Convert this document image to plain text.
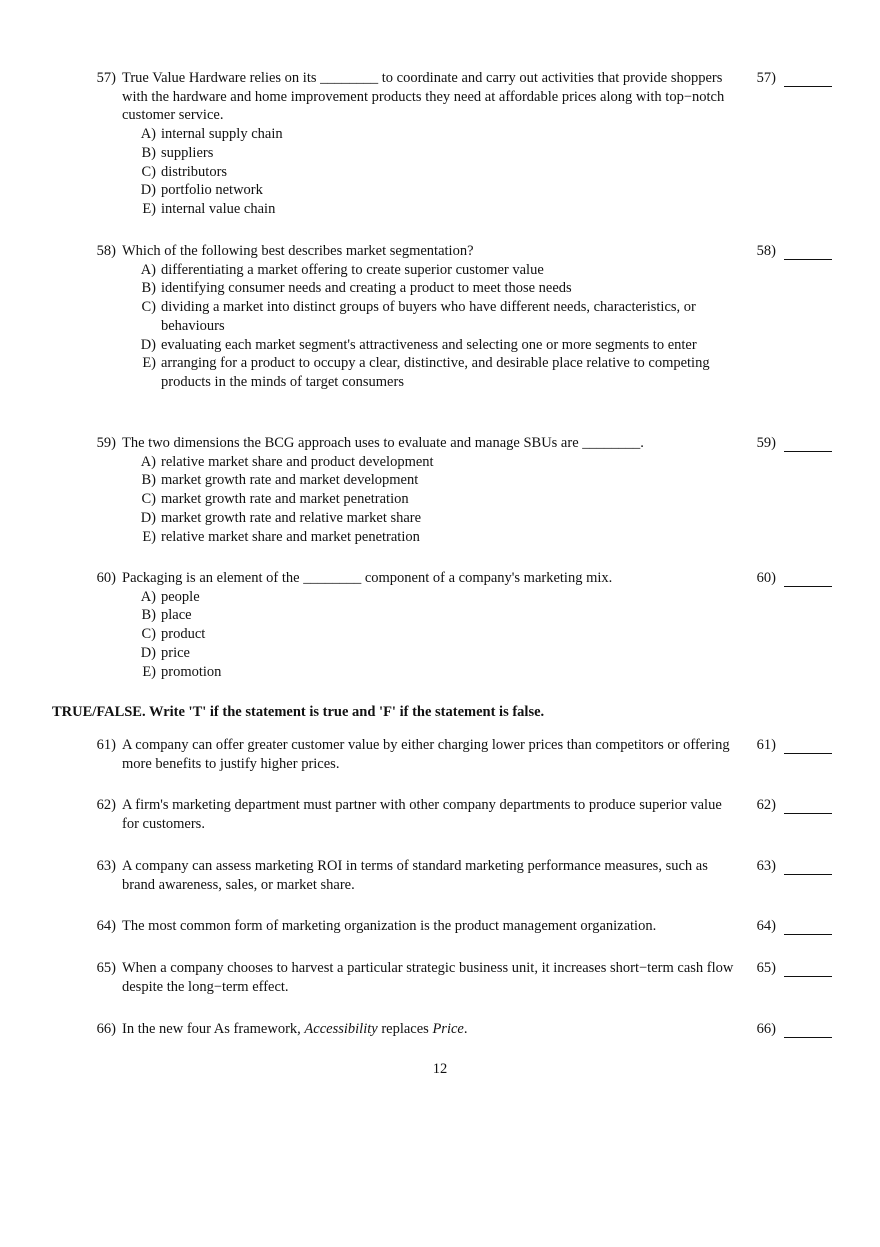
57) True Value Hardware relies on its ________ to coordinate and carry out activities that provide shoppers with the hardware and home improvement products they need at affordable prices along with top−notch customer service.
A) internal supply chain
B) suppliers
C) distributors
D) portfolio network
E) internal value chain
57)
58) Which of the following best describes market segmentation?
A) differentiating a market offering to create superior customer value
B) identifying consumer needs and creating a product to meet those needs
C) dividing a market into distinct groups of buyers who have different needs, characteristics, or behaviours
D) evaluating each market segment's attractiveness and selecting one or more segments to enter
E) arranging for a product to occupy a clear, distinctive, and desirable place relative to competing products in the minds of target consumers
58)
59) The two dimensions the BCG approach uses to evaluate and manage SBUs are ________.
A) relative market share and product development
B) market growth rate and market development
C) market growth rate and market penetration
D) market growth rate and relative market share
E) relative market share and market penetration
59)
60) Packaging is an element of the ________ component of a company's marketing mix.
A) people
B) place
C) product
D) price
E) promotion
60)
TRUE/FALSE. Write 'T' if the statement is true and 'F' if the statement is false.
61) A company can offer greater customer value by either charging lower prices than competitors or offering more benefits to justify higher prices.
61)
62) A firm's marketing department must partner with other company departments to produce superior value for customers.
62)
63) A company can assess marketing ROI in terms of standard marketing performance measures, such as brand awareness, sales, or market share.
63)
64) The most common form of marketing organization is the product management organization.	64)
65) When a company chooses to harvest a particular strategic business unit, it increases short−term cash flow despite the long−term effect.
65)
66) In the new four As framework, Accessibility replaces Price.	66)
12
